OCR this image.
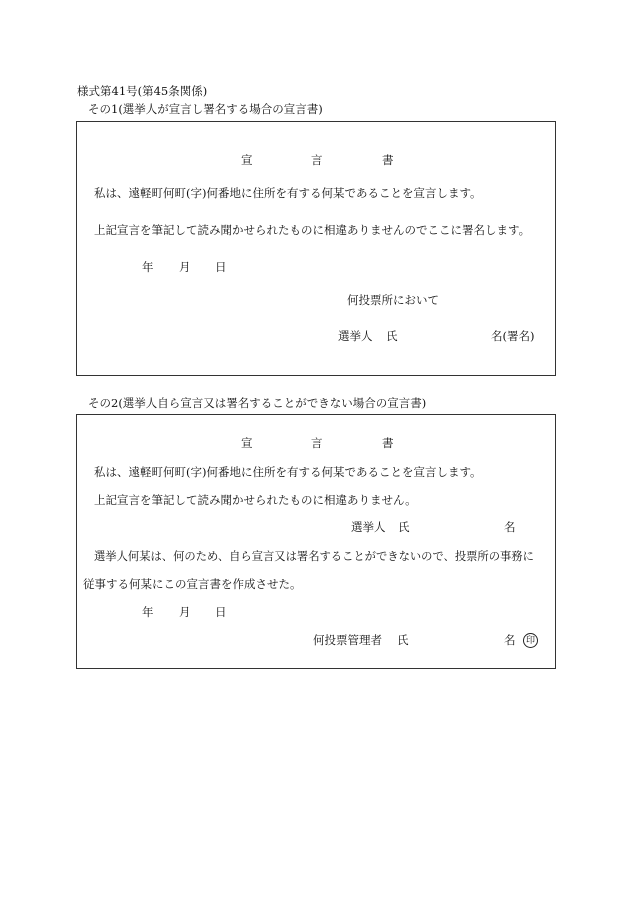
様式第41号(第45条関係)
その1(選挙人が宣言し署名する場合の宣言書)
宣	言	書
私は、遠軽町何町(字)何番地に住所を有する何某であることを宣言します。
上記宣言を筆記して読み聞かせられたものに相違ありませんのでここに署名します。
年 月 日
何投票所において
選挙人 氏	名(署名)
その2(選挙人自ら宣言又は署名することができない場合の宣言書)
宣	言	書
私は、遠軽町何町(字)何番地に住所を有する何某であることを宣言します。
上記宣言を筆記して読み聞かせられたものに相違ありません。
選挙人 氏	名
選挙人何某は、何のため、自ら宣言又は署名することができないので、投票所の事務に
従事する何某にこの宣言書を作成させた。
年 月 日
何投票管理者 氏	名	印
